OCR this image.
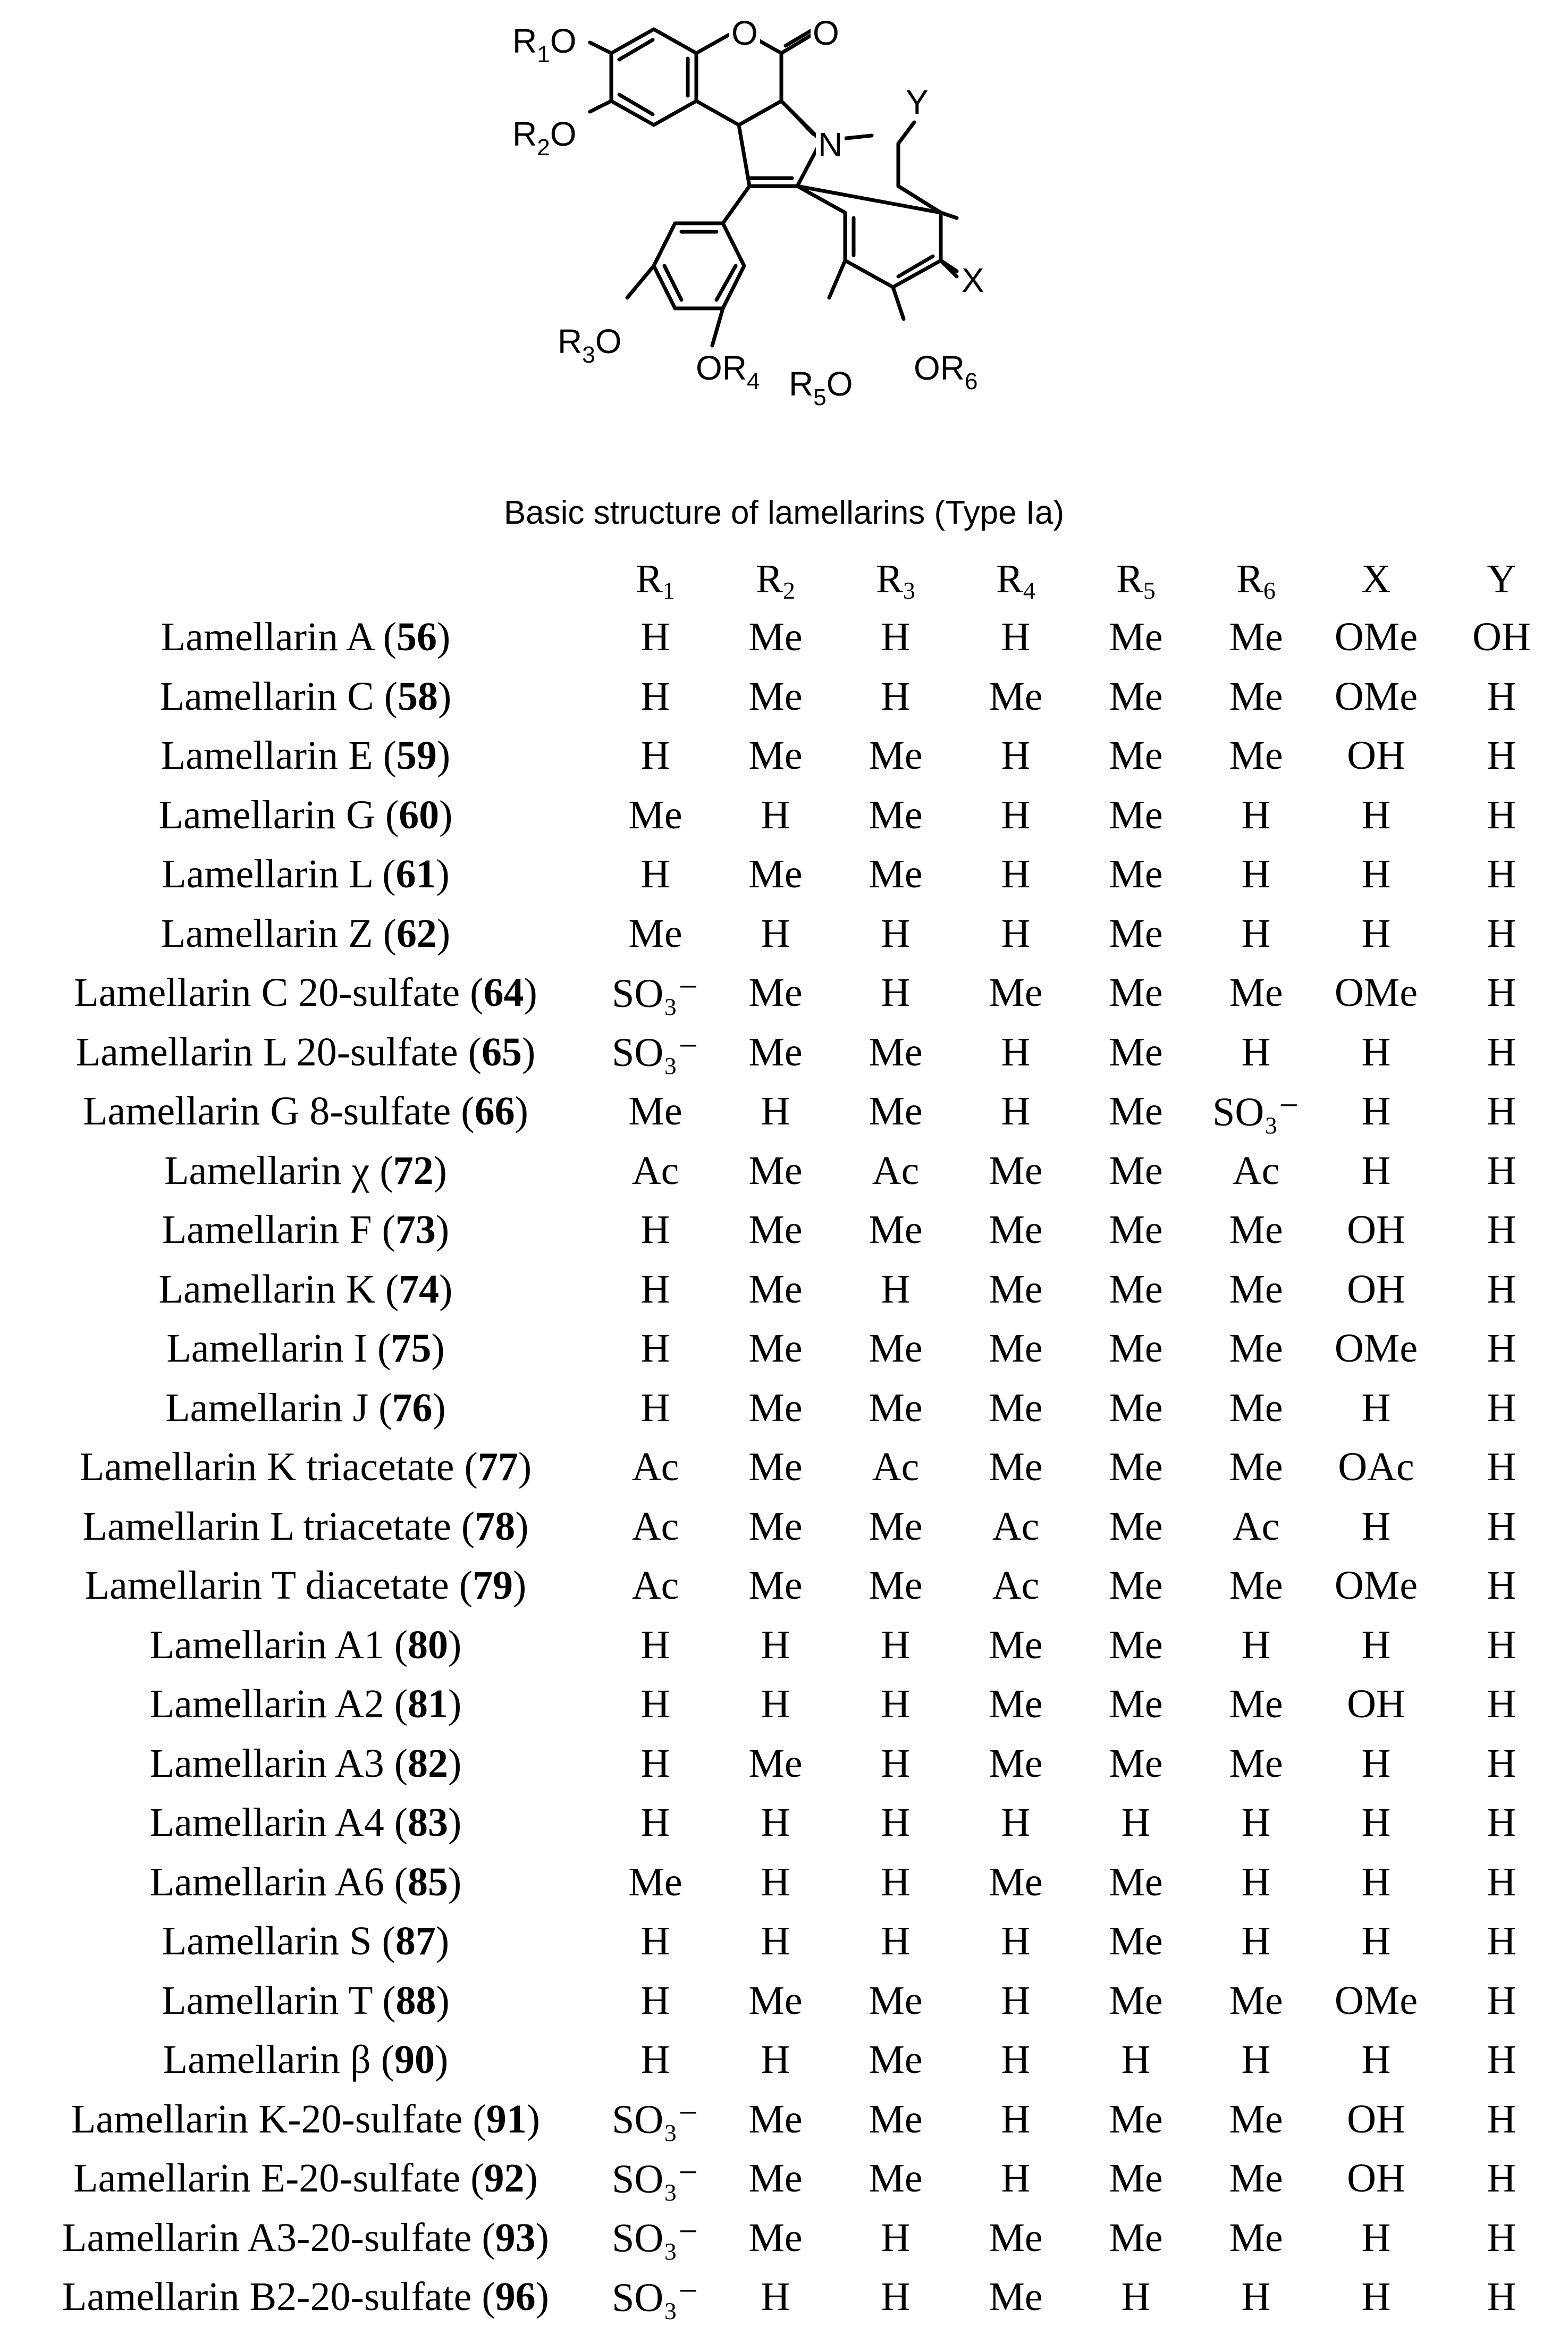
$R_1O$
$R_2O$
$R_3O$
$OR_4$ $R_5O$ $OR_6$
X
Y
N
O O
Basic structure of lamellarins (Type Ia)
	R1	R2	R3	R4	R5	R6	X	Y
Lamellarin A (56)	H	Me	H	H	Me	Me	OMe	OH
Lamellarin C (58)	H	Me	H	Me	Me	Me	OMe	H
Lamellarin E (59)	H	Me	Me	H	Me	Me	OH	H
Lamellarin G (60)	Me	H	Me	H	Me	H	H	H
Lamellarin L (61)	H	Me	Me	H	Me	H	H	H
Lamellarin Z (62)	Me	H	H	H	Me	H	H	H
Lamellarin C 20-sulfate (64)	SO₃⁻	Me	H	Me	Me	Me	OMe	H
Lamellarin L 20-sulfate (65)	SO₃⁻	Me	Me	H	Me	H	H	H
Lamellarin G 8-sulfate (66)	Me	H	Me	H	Me	SO₃⁻	H	H
Lamellarin χ (72)	Ac	Me	Ac	Me	Me	Ac	H	H
Lamellarin F (73)	H	Me	Me	Me	Me	Me	OH	H
Lamellarin K (74)	H	Me	H	Me	Me	Me	OH	H
Lamellarin I (75)	H	Me	Me	Me	Me	Me	OMe	H
Lamellarin J (76)	H	Me	Me	Me	Me	Me	H	H
Lamellarin K triacetate (77)	Ac	Me	Ac	Me	Me	Me	OAc	H
Lamellarin L triacetate (78)	Ac	Me	Me	Ac	Me	Ac	H	H
Lamellarin T diacetate (79)	Ac	Me	Me	Ac	Me	Me	OMe	H
Lamellarin A1 (80)	H	H	H	Me	Me	H	H	H
Lamellarin A2 (81)	H	H	H	Me	Me	Me	OH	H
Lamellarin A3 (82)	H	Me	H	Me	Me	Me	H	H
Lamellarin A4 (83)	H	H	H	H	H	H	H	H
Lamellarin A6 (85)	Me	H	H	Me	Me	H	H	H
Lamellarin S (87)	H	H	H	H	Me	H	H	H
Lamellarin T (88)	H	Me	Me	H	Me	Me	OMe	H
Lamellarin β (90)	H	H	Me	H	H	H	H	H
Lamellarin K-20-sulfate (91)	SO₃⁻	Me	Me	H	Me	Me	OH	H
Lamellarin E-20-sulfate (92)	SO₃⁻	Me	Me	H	Me	Me	OH	H
Lamellarin A3-20-sulfate (93)	SO₃⁻	Me	H	Me	Me	Me	H	H
Lamellarin B2-20-sulfate (96)	SO₃⁻	H	H	Me	H	H	H	H
